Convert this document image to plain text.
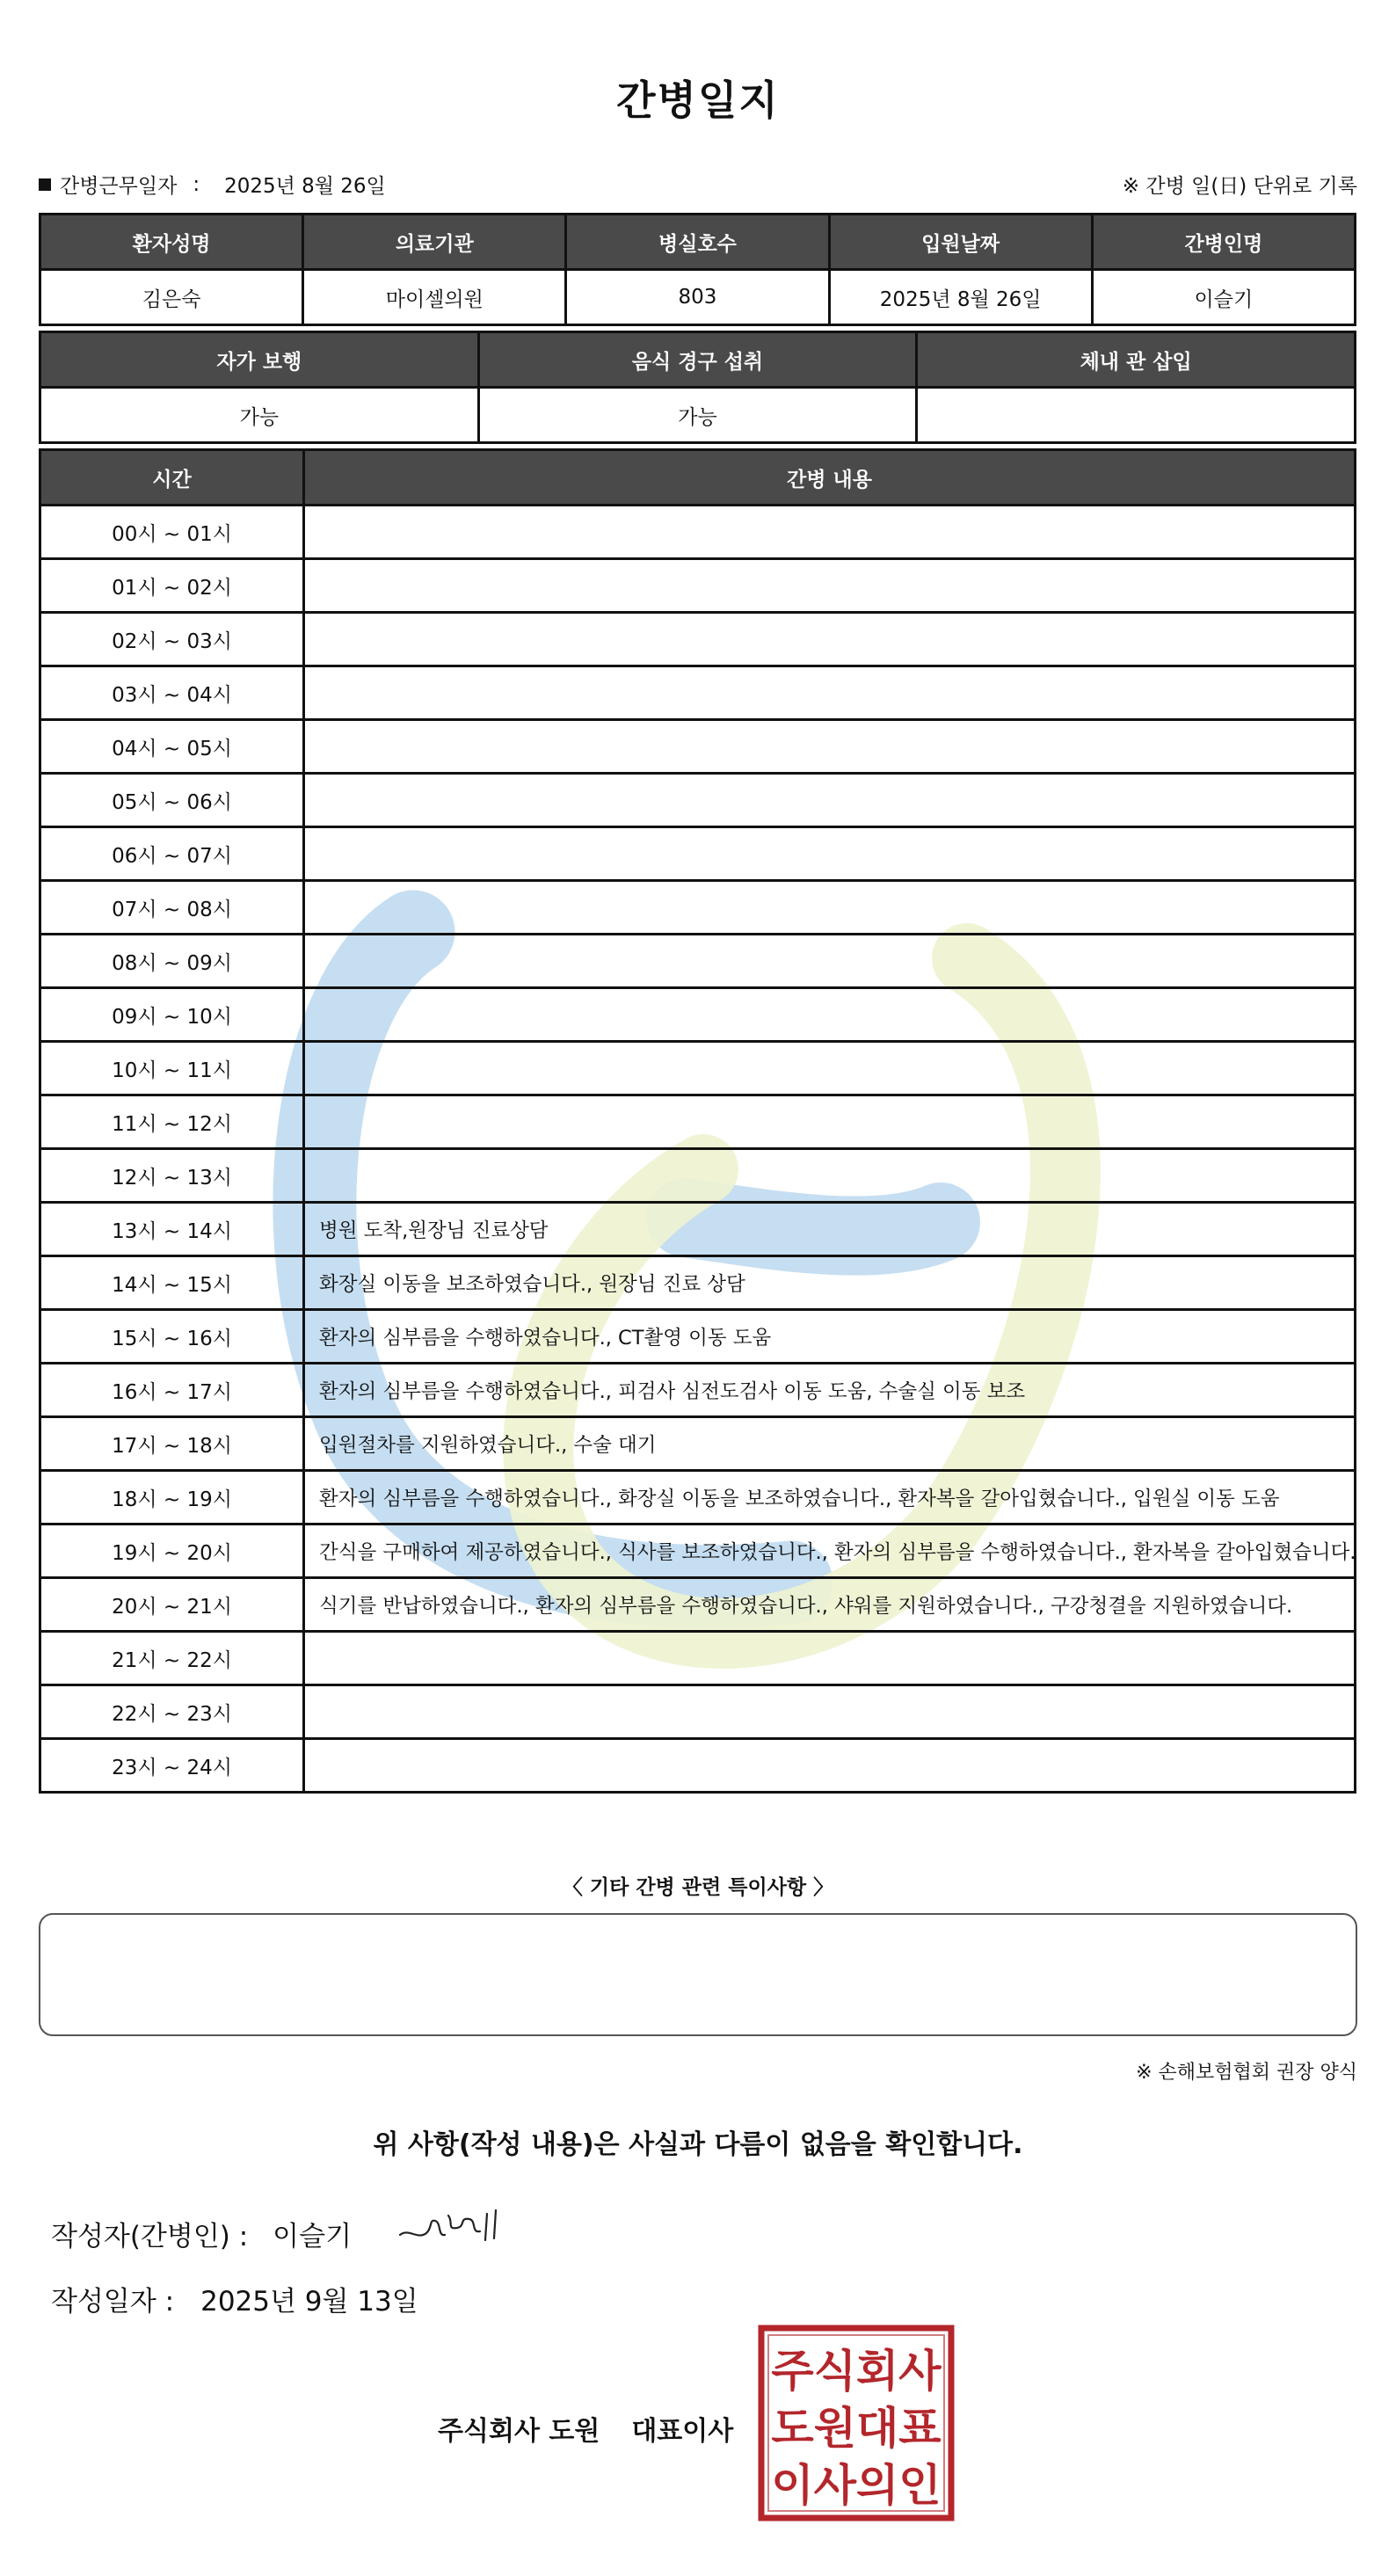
간병일지
간병근무일자 : 2025년 8월 26일	※ 간병 일(日) 단위로 기록
환자성명	의료기관	병실호수	입원날짜	간병인명
김은숙	마이셀의원	803	2025년 8월 26일	이슬기
자가 보행	음식 경구 섭취	체내 관 삽입
가능	가능	
시간	간병 내용
00시 ~ 01시	
01시 ~ 02시	
02시 ~ 03시	
03시 ~ 04시	
04시 ~ 05시	
05시 ~ 06시	
06시 ~ 07시	
07시 ~ 08시	
08시 ~ 09시	
09시 ~ 10시	
10시 ~ 11시	
11시 ~ 12시	
12시 ~ 13시	
13시 ~ 14시	병원 도착,원장님 진료상담
14시 ~ 15시	화장실 이동을 보조하였습니다., 원장님 진료 상담
15시 ~ 16시	환자의 심부름을 수행하였습니다., CT촬영 이동 도움
16시 ~ 17시	환자의 심부름을 수행하였습니다., 피검사 심전도검사 이동 도움, 수술실 이동 보조
17시 ~ 18시	입원절차를 지원하였습니다., 수술 대기
18시 ~ 19시	환자의 심부름을 수행하였습니다., 화장실 이동을 보조하였습니다., 환자복을 갈아입혔습니다., 입원실 이동 도움
19시 ~ 20시	간식을 구매하여 제공하였습니다., 식사를 보조하였습니다., 환자의 심부름을 수행하였습니다., 환자복을 갈아입혔습니다.
20시 ~ 21시	식기를 반납하였습니다., 환자의 심부름을 수행하였습니다., 샤워를 지원하였습니다., 구강청결을 지원하였습니다.
21시 ~ 22시	
22시 ~ 23시	
23시 ~ 24시	
〈 기타 간병 관련 특이사항 〉
※ 손해보험협회 권장 양식
위 사항(작성 내용)은 사실과 다름이 없음을 확인합니다.
작성자(간병인) : 이슬기
작성일자 : 2025년 9월 13일
주식회사 도원 대표이사
주식회사
도원대표
이사의인
